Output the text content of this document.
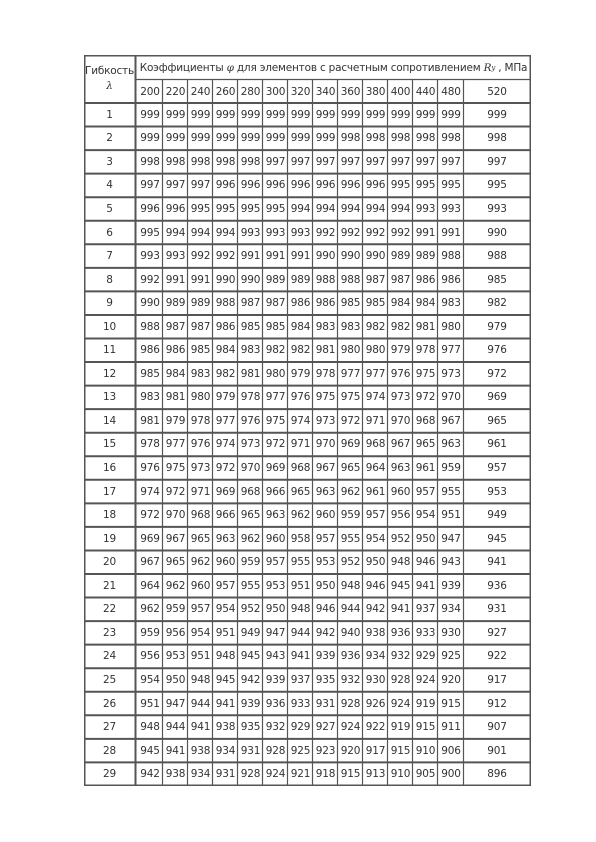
Гибкость
λ
Коэффициенты φ для элементов с расчетным сопротивлением R y , МПа
200 220 240 260 280 300 320 340 360 380 400 440 480	520
1	999 999 999 999 999 999 999 999 999 999 999 999 999	999
2	999 999 999 999 999 999 999 999 998 998 998 998 998	998
3	998 998 998 998 998 997 997 997 997 997 997 997 997	997
4	997 997 997 996 996 996 996 996 996 996 995 995 995	995
5	996 996 995 995 995 995 994 994 994 994 994 993 993	993
6	995 994 994 994 993 993 993 992 992 992 992 991 991	990
7	993 993 992 992 991 991 991 990 990 990 989 989 988	988
8	992 991 991 990 990 989 989 988 988 987 987 986 986	985
9	990 989 989 988 987 987 986 986 985 985 984 984 983	982
10	988 987 987 986 985 985 984 983 983 982 982 981 980	979
11	986 986 985 984 983 982 982 981 980 980 979 978 977	976
12	985 984 983 982 981 980 979 978 977 977 976 975 973	972
13	983 981 980 979 978 977 976 975 975 974 973 972 970	969
14	981 979 978 977 976 975 974 973 972 971 970 968 967	965
15	978 977 976 974 973 972 971 970 969 968 967 965 963	961
16	976 975 973 972 970 969 968 967 965 964 963 961 959	957
17	974 972 971 969 968 966 965 963 962 961 960 957 955	953
18	972 970 968 966 965 963 962 960 959 957 956 954 951	949
19	969 967 965 963 962 960 958 957 955 954 952 950 947	945
20	967 965 962 960 959 957 955 953 952 950 948 946 943	941
21	964 962 960 957 955 953 951 950 948 946 945 941 939	936
22	962 959 957 954 952 950 948 946 944 942 941 937 934	931
23	959 956 954 951 949 947 944 942 940 938 936 933 930	927
24	956 953 951 948 945 943 941 939 936 934 932 929 925	922
25	954 950 948 945 942 939 937 935 932 930 928 924 920	917
26	951 947 944 941 939 936 933 931 928 926 924 919 915	912
27	948 944 941 938 935 932 929 927 924 922 919 915 911	907
28	945 941 938 934 931 928 925 923 920 917 915 910 906	901
29	942 938 934 931 928 924 921 918 915 913 910 905 900	896
